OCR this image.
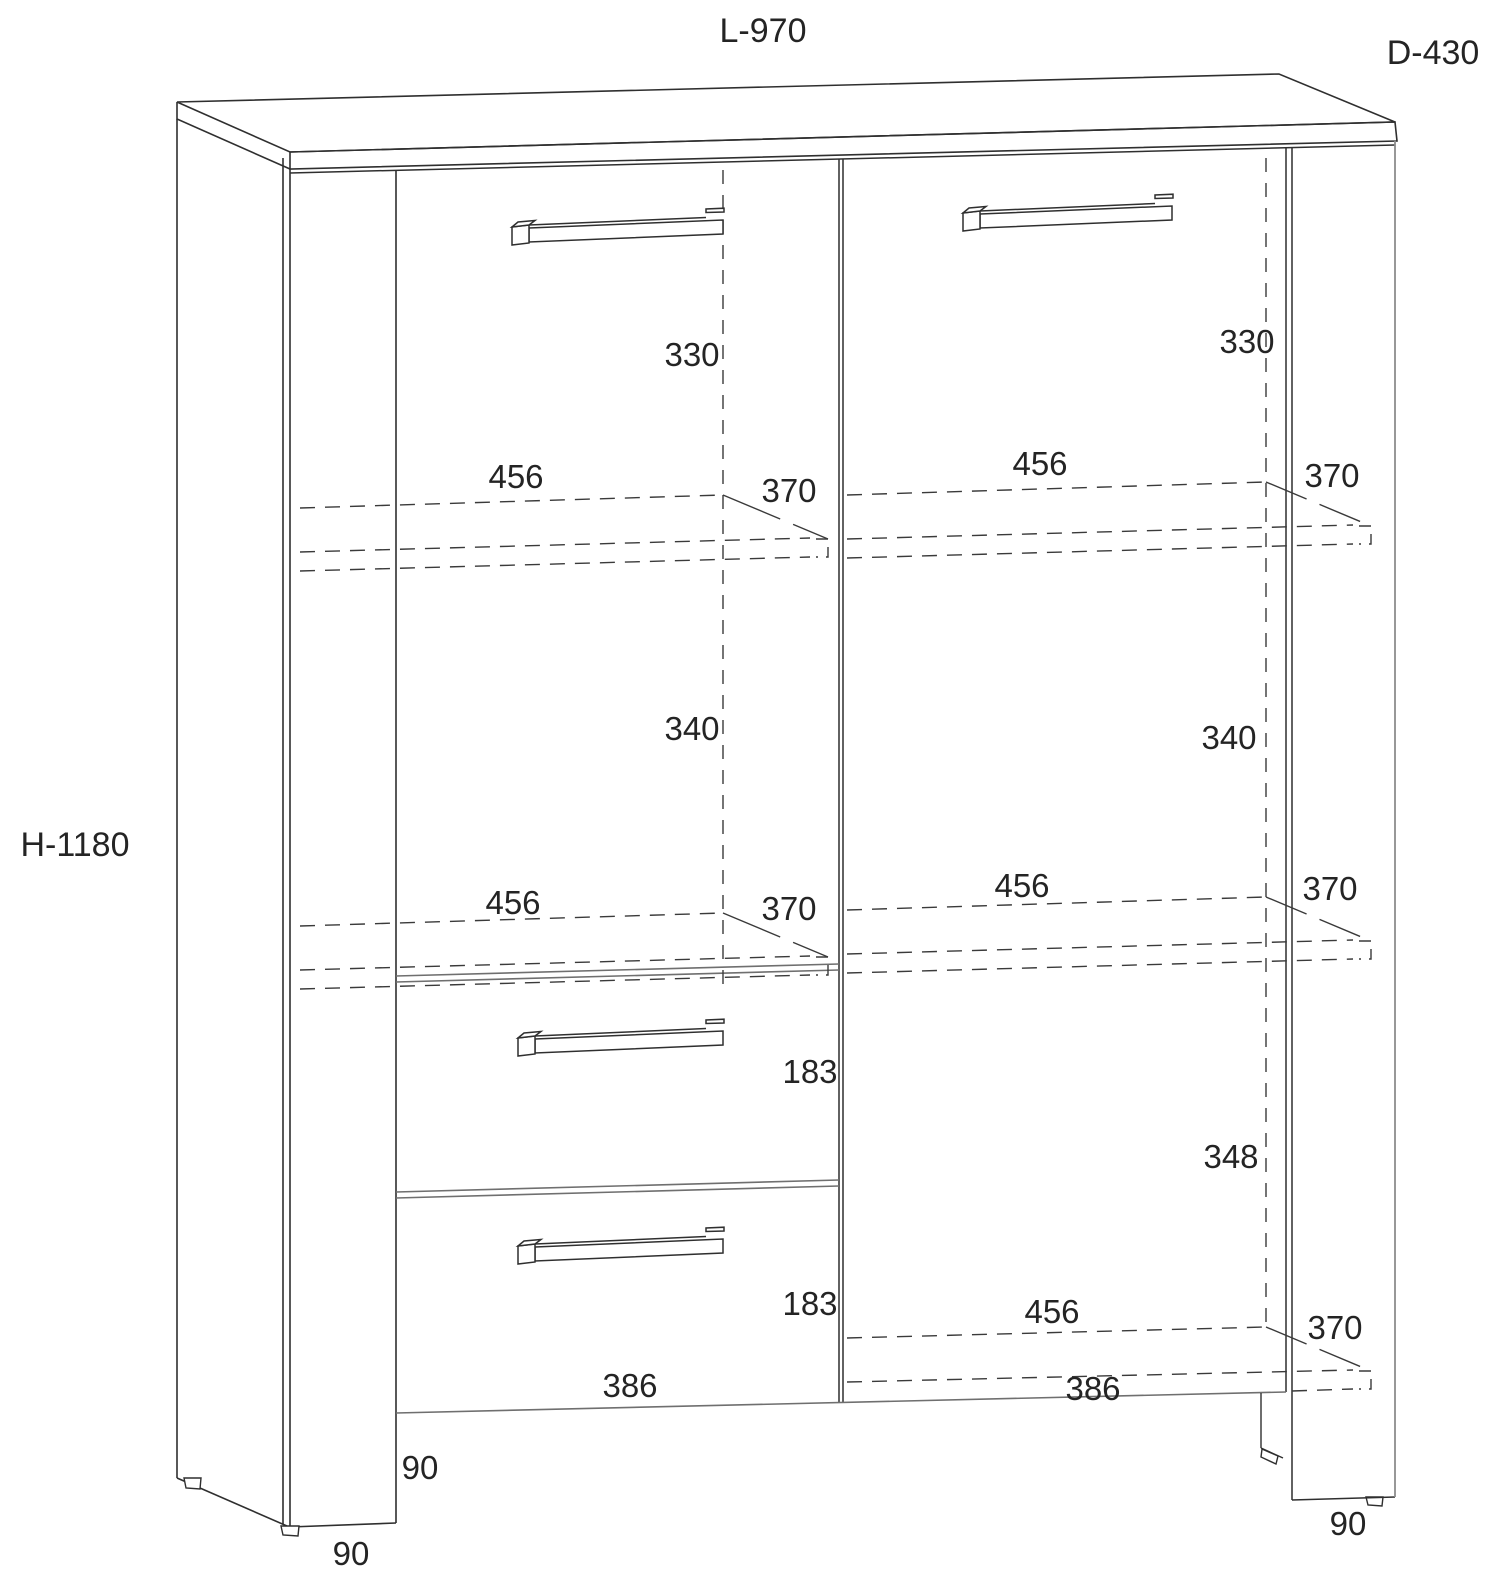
L-970
D-430
H-1180
330
456	370
340
456	370
183
183
386
90
90
330
456	370
340
456	370
348
456	370
386
90
